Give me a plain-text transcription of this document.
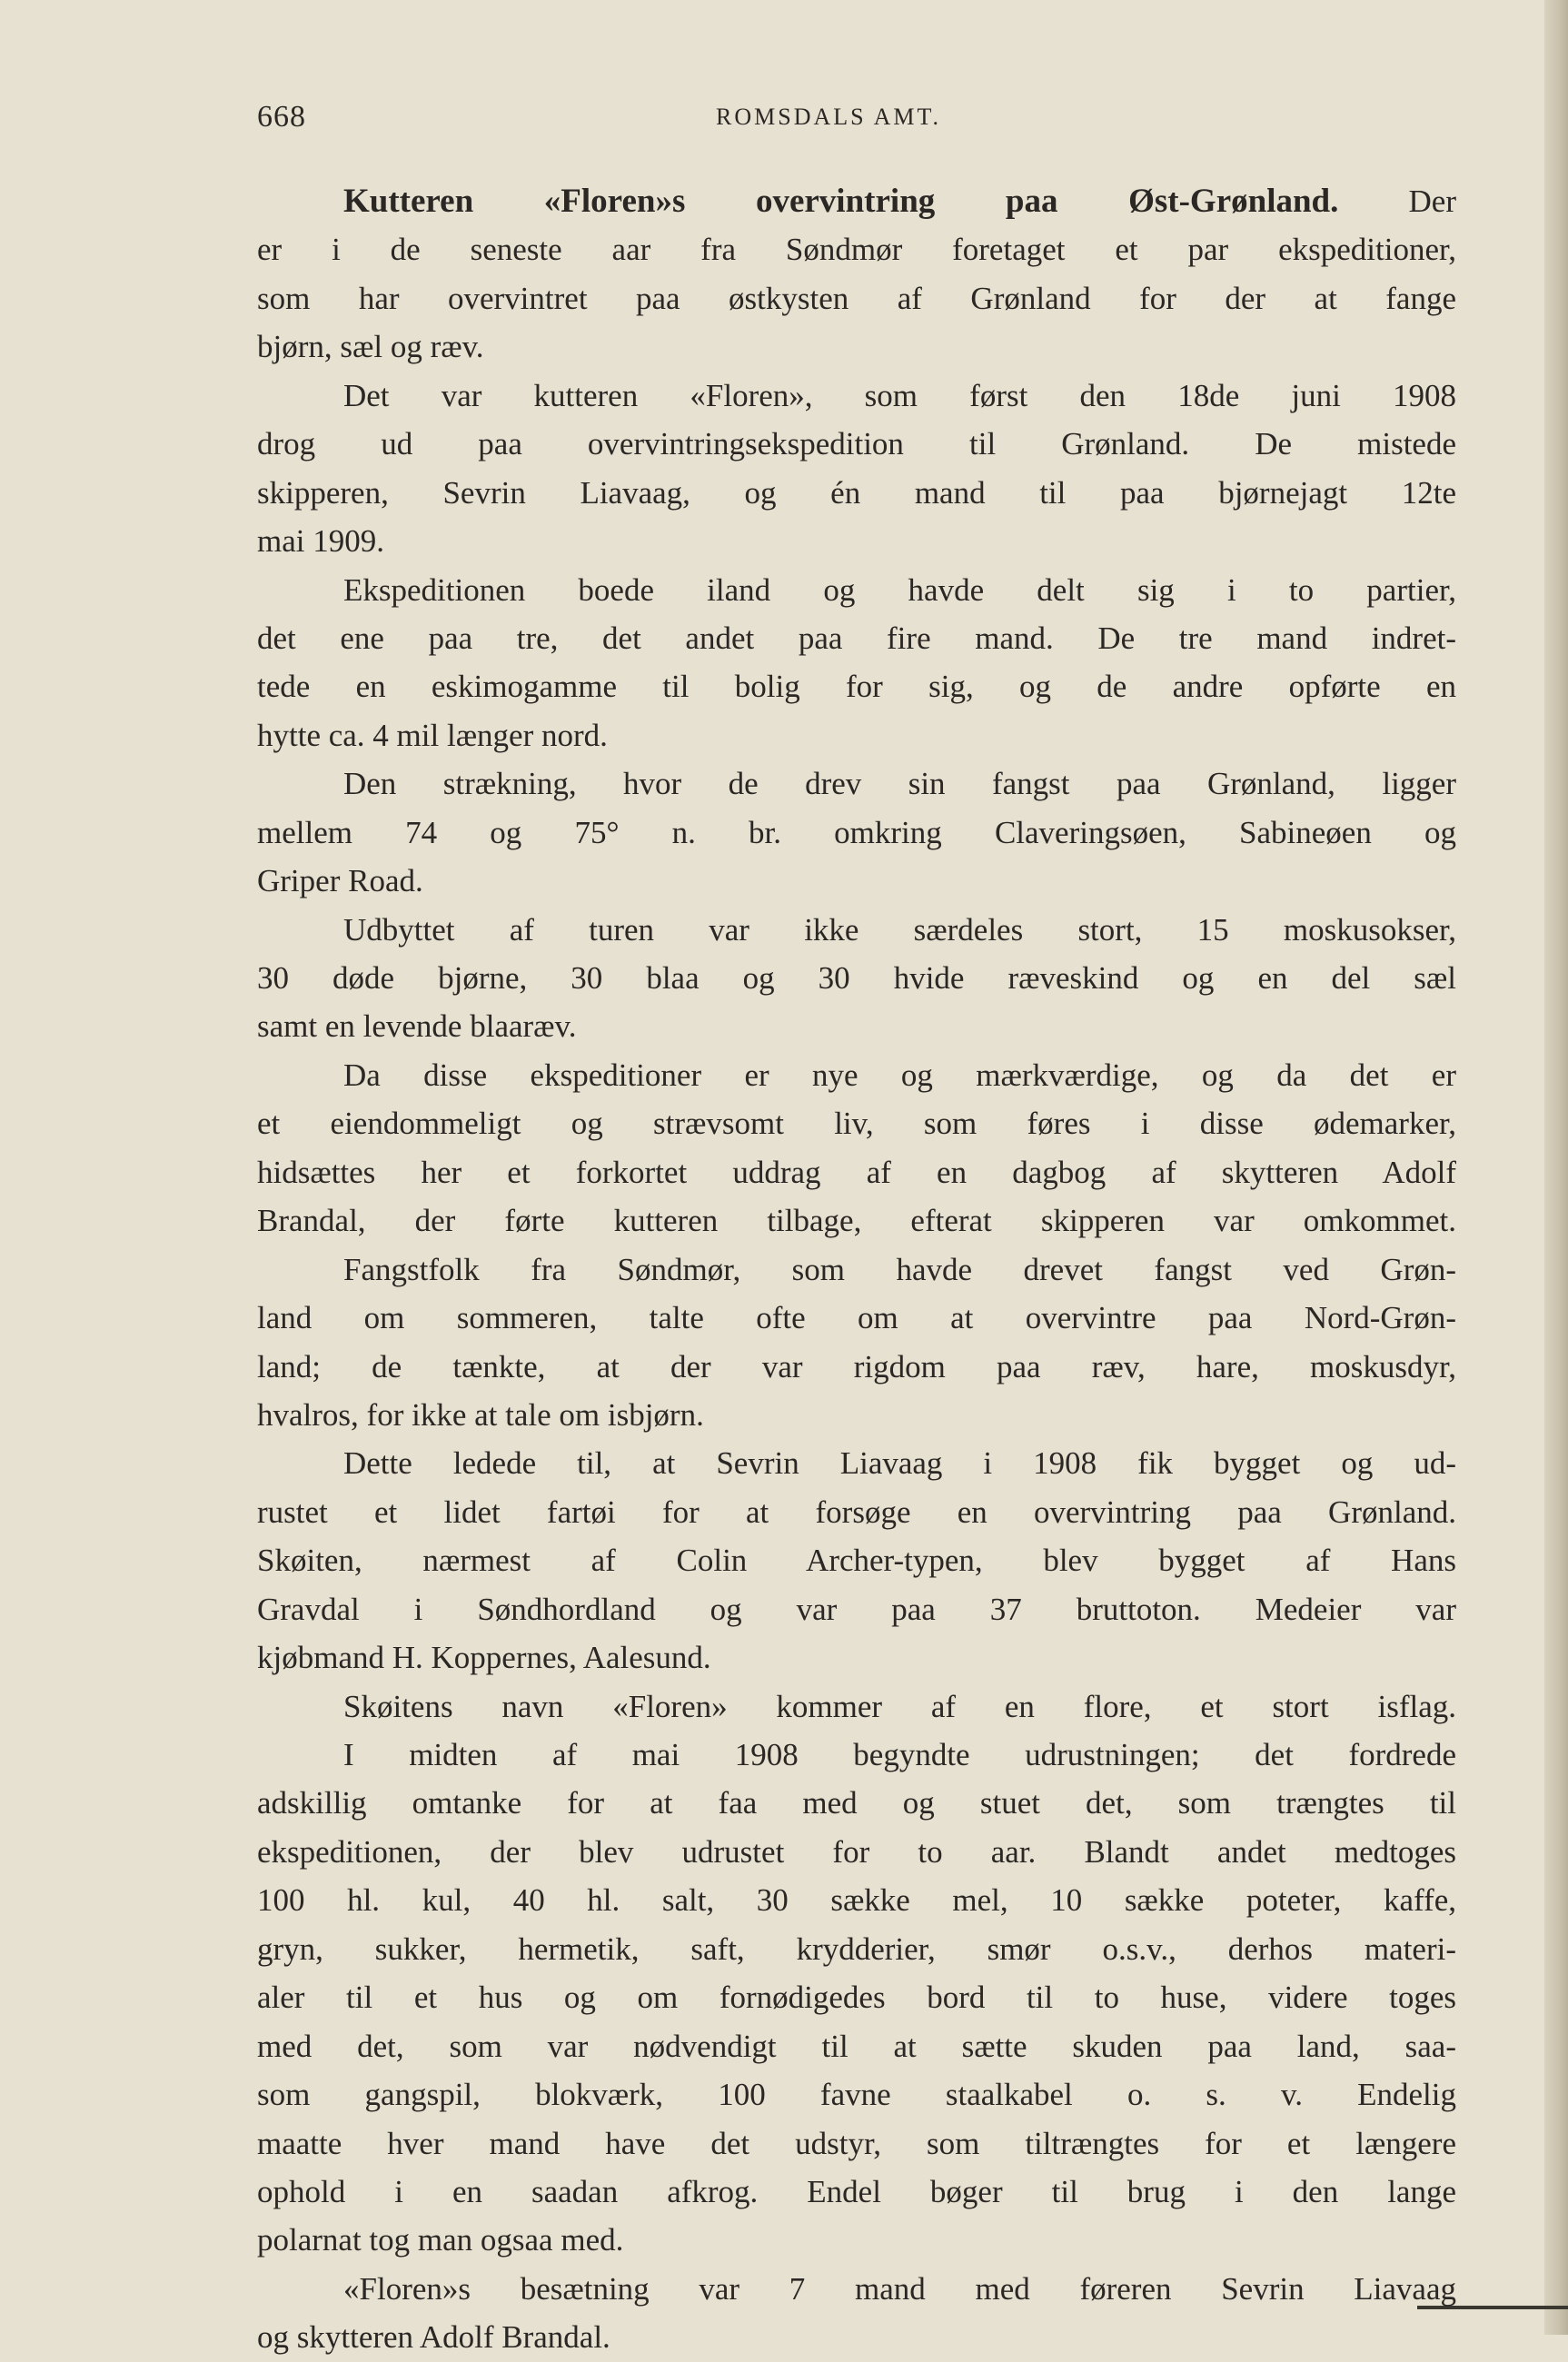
668	ROMSDALS AMT.
Kutteren «Floren»s overvintring paa Øst-Grønland. Der
er i de seneste aar fra Søndmør foretaget et par ekspeditioner,
som har overvintret paa østkysten af Grønland for der at fange
bjørn, sæl og ræv.
Det var kutteren «Floren», som først den 18de juni 1908
drog ud paa overvintringsekspedition til Grønland. De mistede
skipperen, Sevrin Liavaag, og én mand til paa bjørnejagt 12te
mai 1909.
Ekspeditionen boede iland og havde delt sig i to partier,
det ene paa tre, det andet paa fire mand. De tre mand indret-
tede en eskimogamme til bolig for sig, og de andre opførte en
hytte ca. 4 mil længer nord.
Den strækning, hvor de drev sin fangst paa Grønland, ligger
mellem 74 og 75° n. br. omkring Claveringsøen, Sabineøen og
Griper Road.
Udbyttet af turen var ikke særdeles stort, 15 moskusokser,
30 døde bjørne, 30 blaa og 30 hvide ræveskind og en del sæl
samt en levende blaaræv.
Da disse ekspeditioner er nye og mærkværdige, og da det er
et eiendommeligt og strævsomt liv, som føres i disse ødemarker,
hidsættes her et forkortet uddrag af en dagbog af skytteren Adolf
Brandal, der førte kutteren tilbage, efterat skipperen var omkommet.
Fangstfolk fra Søndmør, som havde drevet fangst ved Grøn-
land om sommeren, talte ofte om at overvintre paa Nord-Grøn-
land; de tænkte, at der var rigdom paa ræv, hare, moskusdyr,
hvalros, for ikke at tale om isbjørn.
Dette ledede til, at Sevrin Liavaag i 1908 fik bygget og ud-
rustet et lidet fartøi for at forsøge en overvintring paa Grønland.
Skøiten, nærmest af Colin Archer-typen, blev bygget af Hans
Gravdal i Søndhordland og var paa 37 bruttoton. Medeier var
kjøbmand H. Koppernes, Aalesund.
Skøitens navn «Floren» kommer af en flore, et stort isflag.
I midten af mai 1908 begyndte udrustningen; det fordrede
adskillig omtanke for at faa med og stuet det, som trængtes til
ekspeditionen, der blev udrustet for to aar. Blandt andet medtoges
100 hl. kul, 40 hl. salt, 30 sække mel, 10 sække poteter, kaffe,
gryn, sukker, hermetik, saft, krydderier, smør o.s.v., derhos materi-
aler til et hus og om fornødigedes bord til to huse, videre toges
med det, som var nødvendigt til at sætte skuden paa land, saa-
som gangspil, blokværk, 100 favne staalkabel o. s. v. Endelig
maatte hver mand have det udstyr, som tiltrængtes for et længere
ophold i en saadan afkrog. Endel bøger til brug i den lange
polarnat tog man ogsaa med.
«Floren»s besætning var 7 mand med føreren Sevrin Liavaag
og skytteren Adolf Brandal.
